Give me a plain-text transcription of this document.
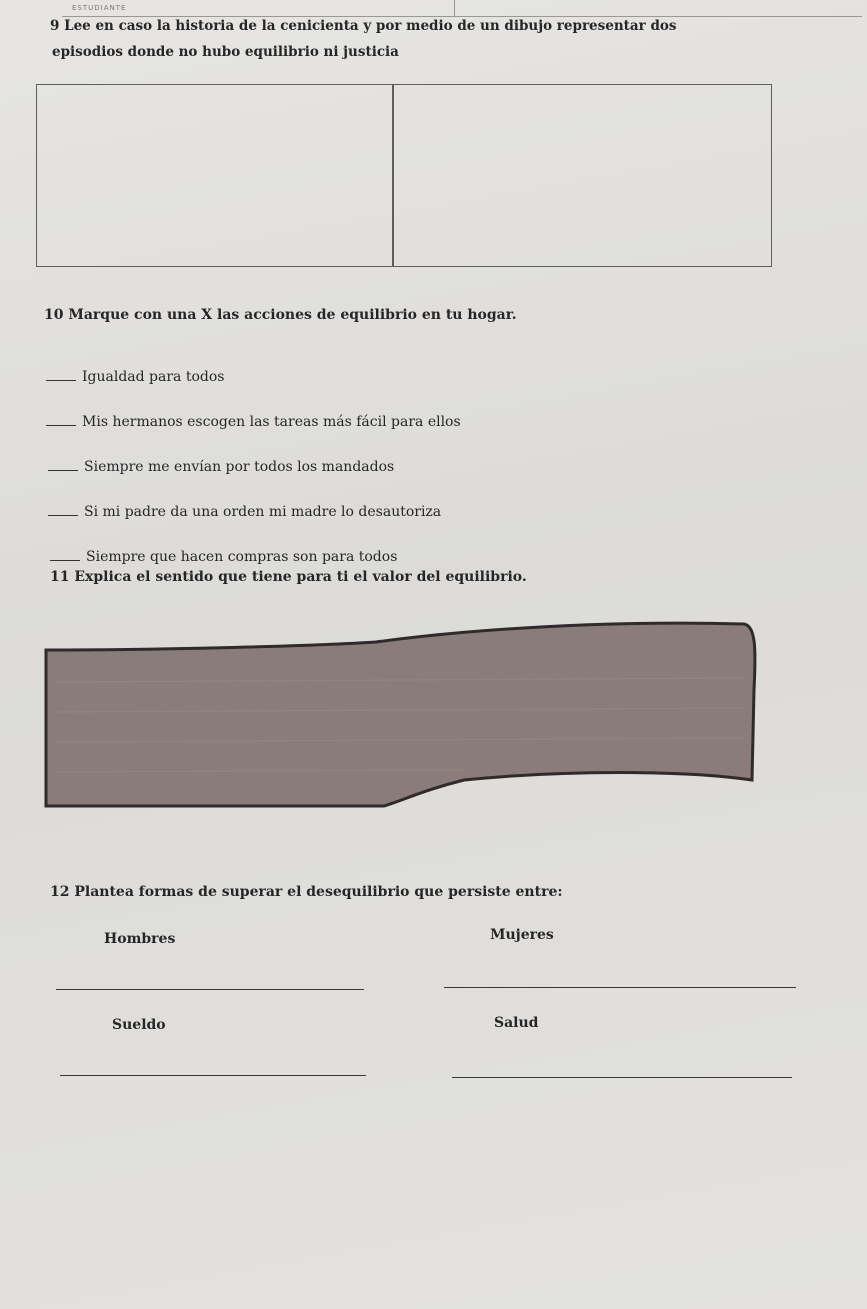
ESTUDIANTE
9 Lee en caso la historia de la cenicienta y por medio de un dibujo representar dos
episodios donde no hubo equilibrio ni justicia
10 Marque con una X las acciones de equilibrio en tu hogar.
Igualdad para todos
Mis hermanos escogen las tareas más fácil para ellos
Siempre me envían por todos los mandados
Si mi padre da una orden mi madre lo desautoriza
Siempre que hacen compras son para todos
11 Explica el sentido que tiene para ti el valor del equilibrio.
12 Plantea formas de superar el desequilibrio que persiste entre:
Hombres	Mujeres
Sueldo	Salud
